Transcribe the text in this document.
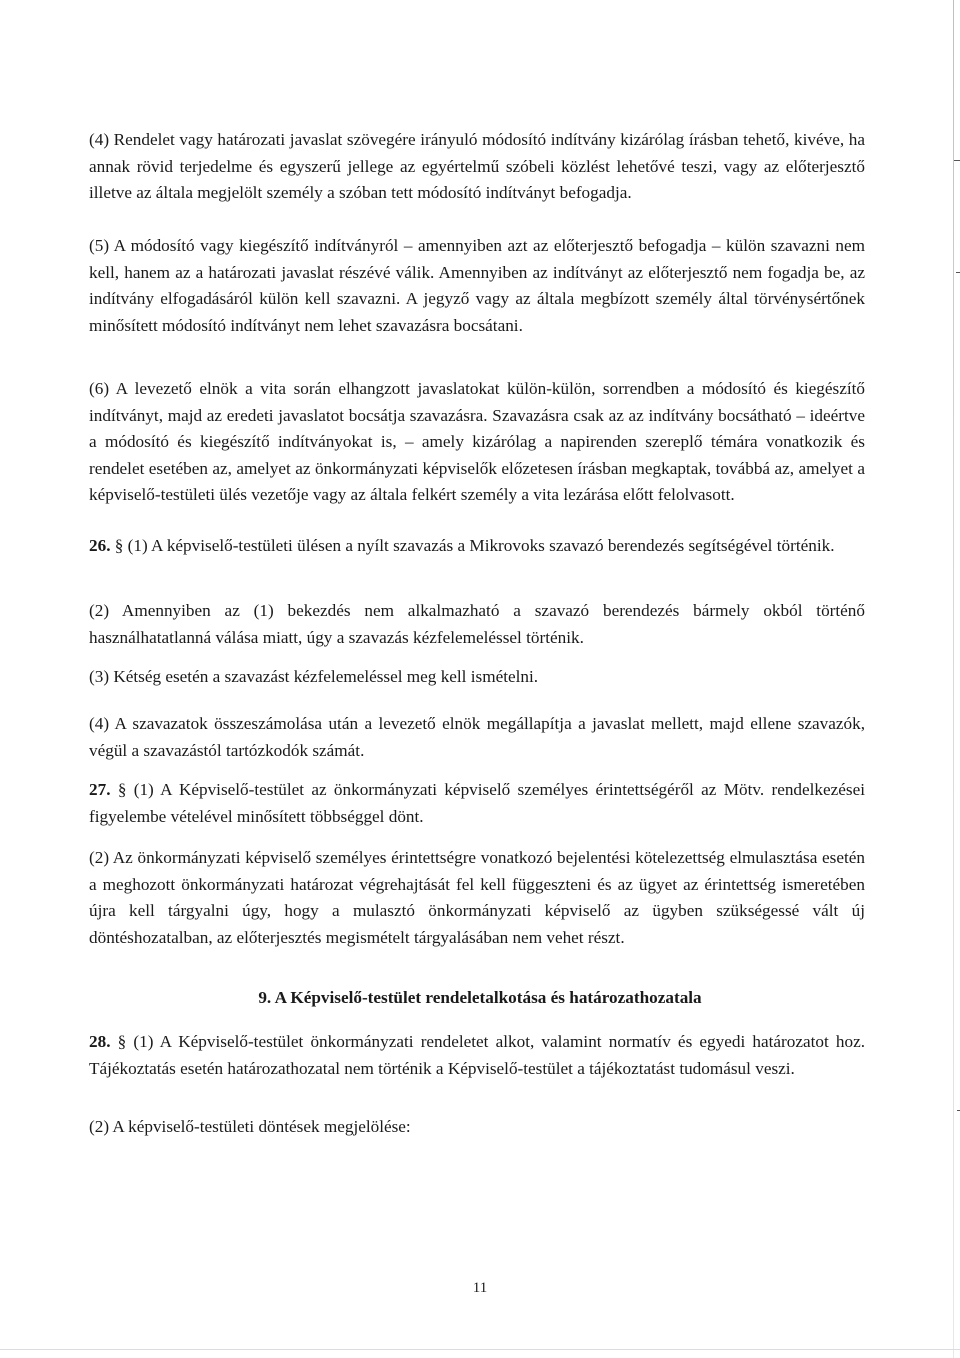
(4) Rendelet vagy határozati javaslat szövegére irányuló módosító indítvány kizárólag írásban tehető, kivéve, ha annak rövid terjedelme és egyszerű jellege az egyértelmű szóbeli közlést lehetővé teszi, vagy az előterjesztő illetve az általa megjelölt személy a szóban tett módosító indítványt befogadja.

(5) A módosító vagy kiegészítő indítványról – amennyiben azt az előterjesztő befogadja – külön szavazni nem kell, hanem az a határozati javaslat részévé válik. Amennyiben az indítványt az előterjesztő nem fogadja be, az indítvány elfogadásáról külön kell szavazni. A jegyző vagy az általa megbízott személy által törvénysértőnek minősített módosító indítványt nem lehet szavazásra bocsátani.

(6) A levezető elnök a vita során elhangzott javaslatokat külön-külön, sorrendben a módosító és kiegészítő indítványt, majd az eredeti javaslatot bocsátja szavazásra. Szavazásra csak az az indítvány bocsátható – ideértve a módosító és kiegészítő indítványokat is, – amely kizárólag a napirenden szereplő témára vonatkozik és rendelet esetében az, amelyet az önkormányzati képviselők előzetesen írásban megkaptak, továbbá az, amelyet a képviselő-testületi ülés vezetője vagy az általa felkért személy a vita lezárása előtt felolvasott.

26. § (1) A képviselő-testületi ülésen a nyílt szavazás a Mikrovoks szavazó berendezés segítségével történik.

(2) Amennyiben az (1) bekezdés nem alkalmazható a szavazó berendezés bármely okból történő használhatatlanná válása miatt, úgy a szavazás kézfelemeléssel történik.

(3) Kétség esetén a szavazást kézfelemeléssel meg kell ismételni.

(4) A szavazatok összeszámolása után a levezető elnök megállapítja a javaslat mellett, majd ellene szavazók, végül a szavazástól tartózkodók számát.

27. § (1) A Képviselő-testület az önkormányzati képviselő személyes érintettségéről az Mötv. rendelkezései figyelembe vételével minősített többséggel dönt.

(2) Az önkormányzati képviselő személyes érintettségre vonatkozó bejelentési kötelezettség elmulasztása esetén a meghozott önkormányzati határozat végrehajtását fel kell függeszteni és az ügyet az érintettség ismeretében újra kell tárgyalni úgy, hogy a mulasztó önkormányzati képviselő az ügyben szükségessé vált új döntéshozatalban, az előterjesztés megismételt tárgyalásában nem vehet részt.

9. A Képviselő-testület rendeletalkotása és határozathozatala

28. § (1) A Képviselő-testület önkormányzati rendeletet alkot, valamint normatív és egyedi határozatot hoz. Tájékoztatás esetén határozathozatal nem történik a Képviselő-testület a tájékoztatást tudomásul veszi.

(2) A képviselő-testületi döntések megjelölése:

11
